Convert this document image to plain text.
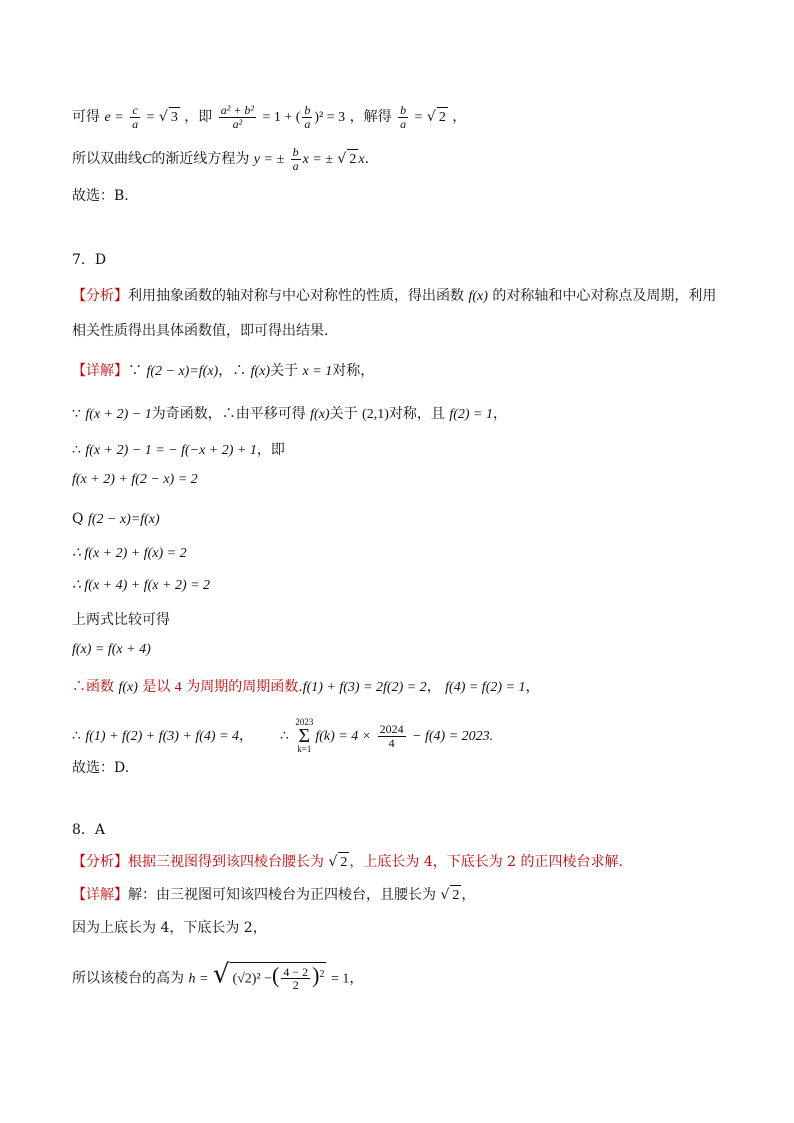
可得 $e = \frac{c}{a}$ = √ 3 ，即 $\frac{\text{a² + b²}}{\text{a²}} = 1$ + ( $\frac{b}{a} )^2 = 3$ ，解得 $\frac{b}{a}$ = √ 2 ，
所以双曲线C的渐近线方程为 y = ± $\frac{b}{a}$ x = ± √ 2 x.
故选：B.
7．D
【分析】利用抽象函数的轴对称与中心对称性的性质，得出函数 f(x) 的对称轴和中心对称点及周期，利用
相关性质得出具体函数值，即可得出结果.
【详解】∵ f(2 − x)=f(x)，∴ f(x)关于 x = 1对称，
∵ f(x + 2) − 1为奇函数，∴由平移可得 f(x)关于 (2,1)对称，且 f(2) = 1，
∴ f(x + 2) − 1 = − f(−x + 2) + 1，即
f(x + 2) + f(2 − x) = 2
Q f(2 − x)=f(x)
∴ f(x + 2) + f(x) = 2
∴ f(x + 4) + f(x + 2) = 2
上两式比较可得
f(x) = f(x + 4)
∴函数 f(x) 是以 4 为周期的周期函数.f(1) + f(3) = 2f(2) = 2， f(4) = f(2) = 1，
∴ f(1) + f(2) + f(3) + f(4) = 4， ∴
2023
Σ
k=1
$f(k) = 4 \times \frac{2024}{4} - f(4) = 2023$.
故选：D.
8．A
【分析】根据三视图得到该四棱台腰长为 √ 2 ，上底长为 4，下底长为 2 的正四棱台求解.
【详解】解：由三视图可知该四棱台为正四棱台，且腰长为 √ 2 ，
因为上底长为 4，下底长为 2，
所以该棱台的高为 h = √ (√2)² −( $\frac{4 - 2}{2} )^2 = 1$，
